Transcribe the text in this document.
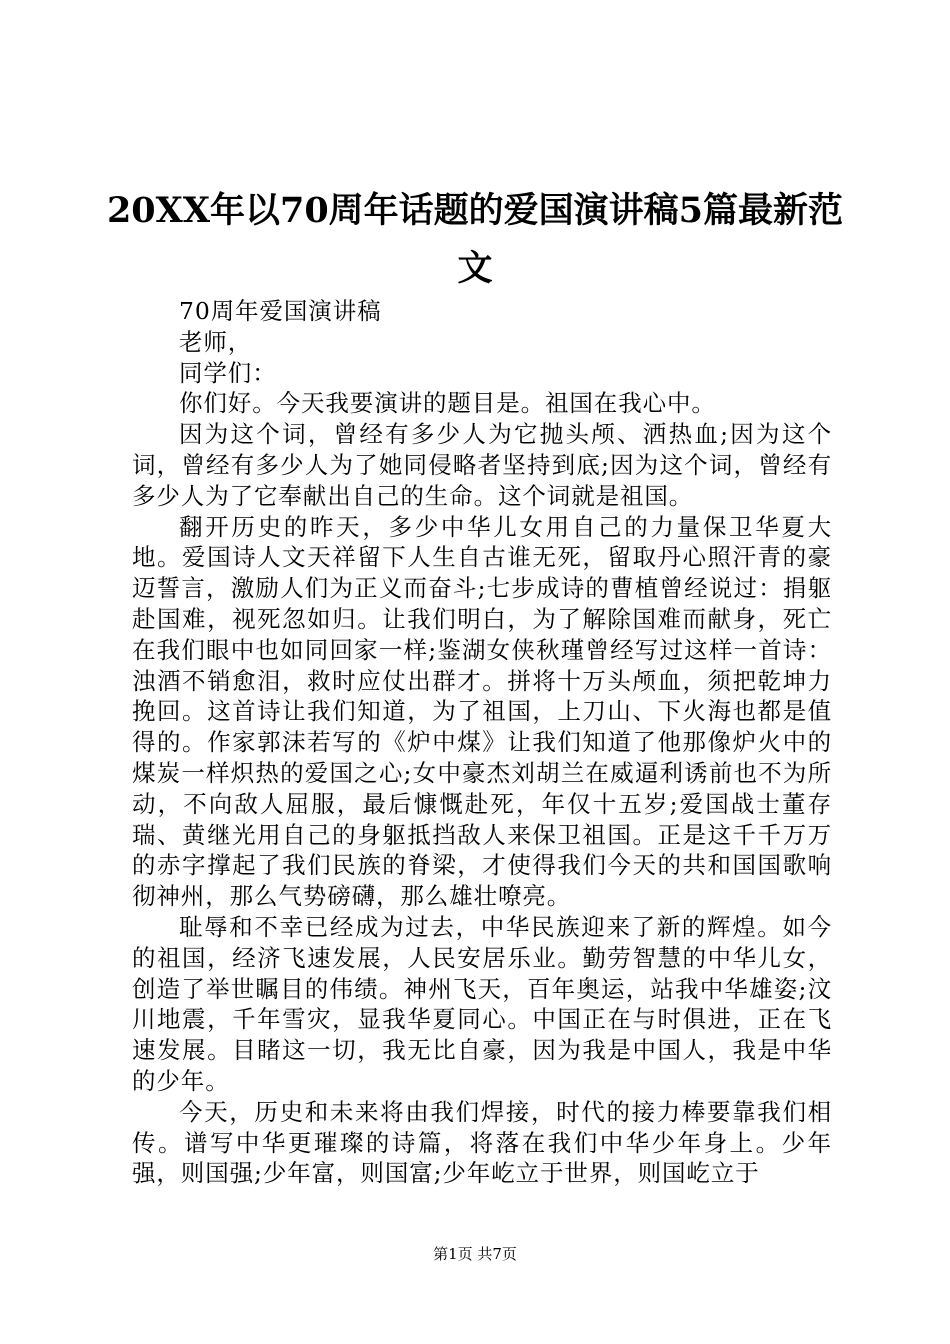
20XX年以70周年话题的爱国演讲稿5篇最新范文

70周年爱国演讲稿

老师，

同学们：

你们好。今天我要演讲的题目是。祖国在我心中。

因为这个词，曾经有多少人为它抛头颅、洒热血;因为这个词，曾经有多少人为了她同侵略者坚持到底;因为这个词，曾经有多少人为了它奉献出自己的生命。这个词就是祖国。

翻开历史的昨天，多少中华儿女用自己的力量保卫华夏大地。爱国诗人文天祥留下人生自古谁无死，留取丹心照汗青的豪迈誓言，激励人们为正义而奋斗;七步成诗的曹植曾经说过：捐躯赴国难，视死忽如归。让我们明白，为了解除国难而献身，死亡在我们眼中也如同回家一样;鉴湖女侠秋瑾曾经写过这样一首诗：浊酒不销愈泪，救时应仗出群才。拼将十万头颅血，须把乾坤力挽回。这首诗让我们知道，为了祖国，上刀山、下火海也都是值得的。作家郭沫若写的《炉中煤》让我们知道了他那像炉火中的煤炭一样炽热的爱国之心;女中豪杰刘胡兰在威逼利诱前也不为所动，不向敌人屈服，最后慷慨赴死，年仅十五岁;爱国战士董存瑞、黄继光用自己的身躯抵挡敌人来保卫祖国。正是这千千万万的赤字撑起了我们民族的脊梁，才使得我们今天的共和国国歌响彻神州，那么气势磅礴，那么雄壮嘹亮。

耻辱和不幸已经成为过去，中华民族迎来了新的辉煌。如今的祖国，经济飞速发展，人民安居乐业。勤劳智慧的中华儿女，创造了举世瞩目的伟绩。神州飞天，百年奥运，站我中华雄姿;汶川地震，千年雪灾，显我华夏同心。中国正在与时俱进，正在飞速发展。目睹这一切，我无比自豪，因为我是中国人，我是中华的少年。

今天，历史和未来将由我们焊接，时代的接力棒要靠我们相传。谱写中华更璀璨的诗篇，将落在我们中华少年身上。少年强，则国强;少年富，则国富;少年屹立于世界，则国屹立于

第1页 共7页
